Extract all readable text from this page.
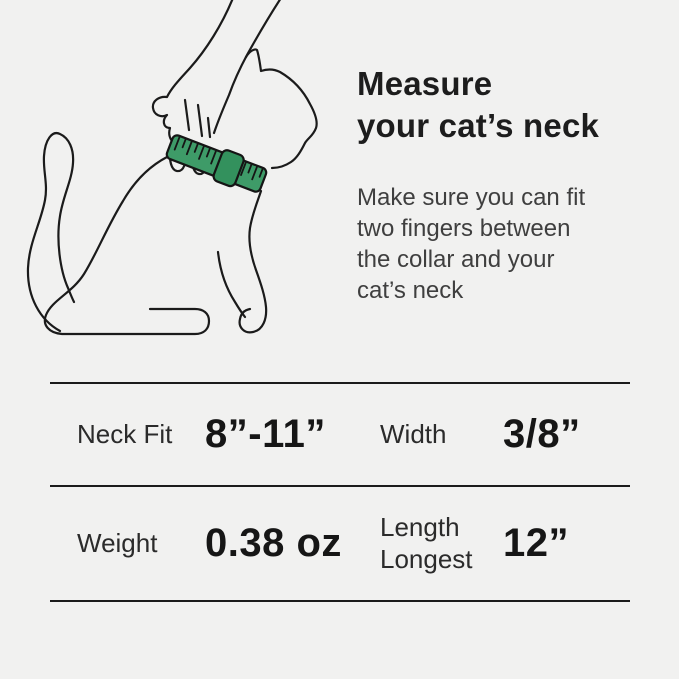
Measure
your cat’s neck
Make sure you can fit
two fingers between
the collar and your
cat’s neck
Neck Fit 8”-11”	Width	3/8”
Weight	0.38 oz	Length Longest 12”
